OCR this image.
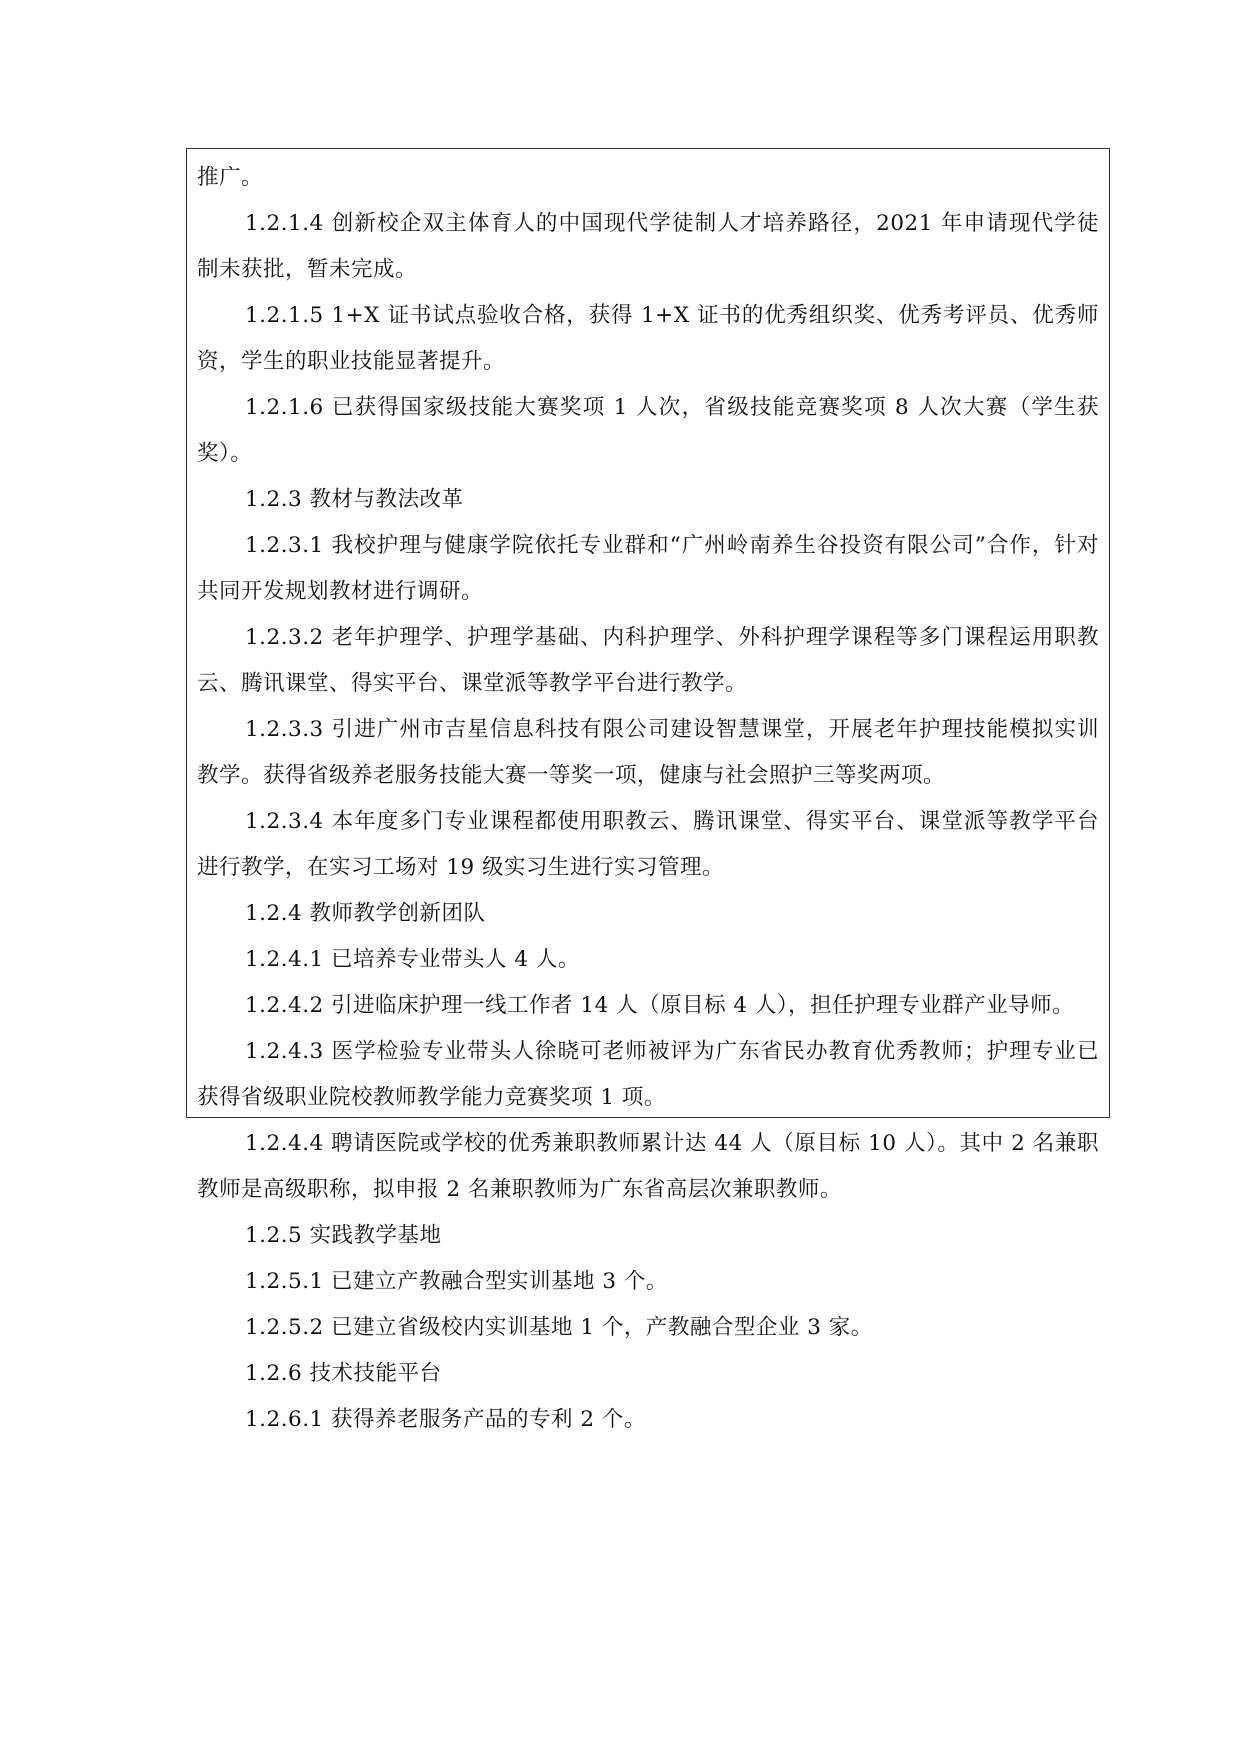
推广。

1.2.1.4 创新校企双主体育人的中国现代学徒制人才培养路径，2021 年申请现代学徒制未获批，暂未完成。

1.2.1.5 1+X 证书试点验收合格，获得 1+X 证书的优秀组织奖、优秀考评员、优秀师资，学生的职业技能显著提升。

1.2.1.6 已获得国家级技能大赛奖项 1 人次，省级技能竞赛奖项 8 人次大赛（学生获奖）。

1.2.3 教材与教法改革

1.2.3.1 我校护理与健康学院依托专业群和“广州岭南养生谷投资有限公司”合作，针对共同开发规划教材进行调研。

1.2.3.2 老年护理学、护理学基础、内科护理学、外科护理学课程等多门课程运用职教云、腾讯课堂、得实平台、课堂派等教学平台进行教学。

1.2.3.3 引进广州市吉星信息科技有限公司建设智慧课堂，开展老年护理技能模拟实训教学。获得省级养老服务技能大赛一等奖一项，健康与社会照护三等奖两项。

1.2.3.4 本年度多门专业课程都使用职教云、腾讯课堂、得实平台、课堂派等教学平台进行教学，在实习工场对 19 级实习生进行实习管理。

1.2.4 教师教学创新团队

1.2.4.1 已培养专业带头人 4 人。

1.2.4.2 引进临床护理一线工作者 14 人（原目标 4 人），担任护理专业群产业导师。

1.2.4.3 医学检验专业带头人徐晓可老师被评为广东省民办教育优秀教师；护理专业已获得省级职业院校教师教学能力竞赛奖项 1 项。

1.2.4.4 聘请医院或学校的优秀兼职教师累计达 44 人（原目标 10 人）。其中 2 名兼职教师是高级职称，拟申报 2 名兼职教师为广东省高层次兼职教师。

1.2.5 实践教学基地

1.2.5.1 已建立产教融合型实训基地 3 个。

1.2.5.2 已建立省级校内实训基地 1 个，产教融合型企业 3 家。

1.2.6 技术技能平台

1.2.6.1 获得养老服务产品的专利 2 个。
